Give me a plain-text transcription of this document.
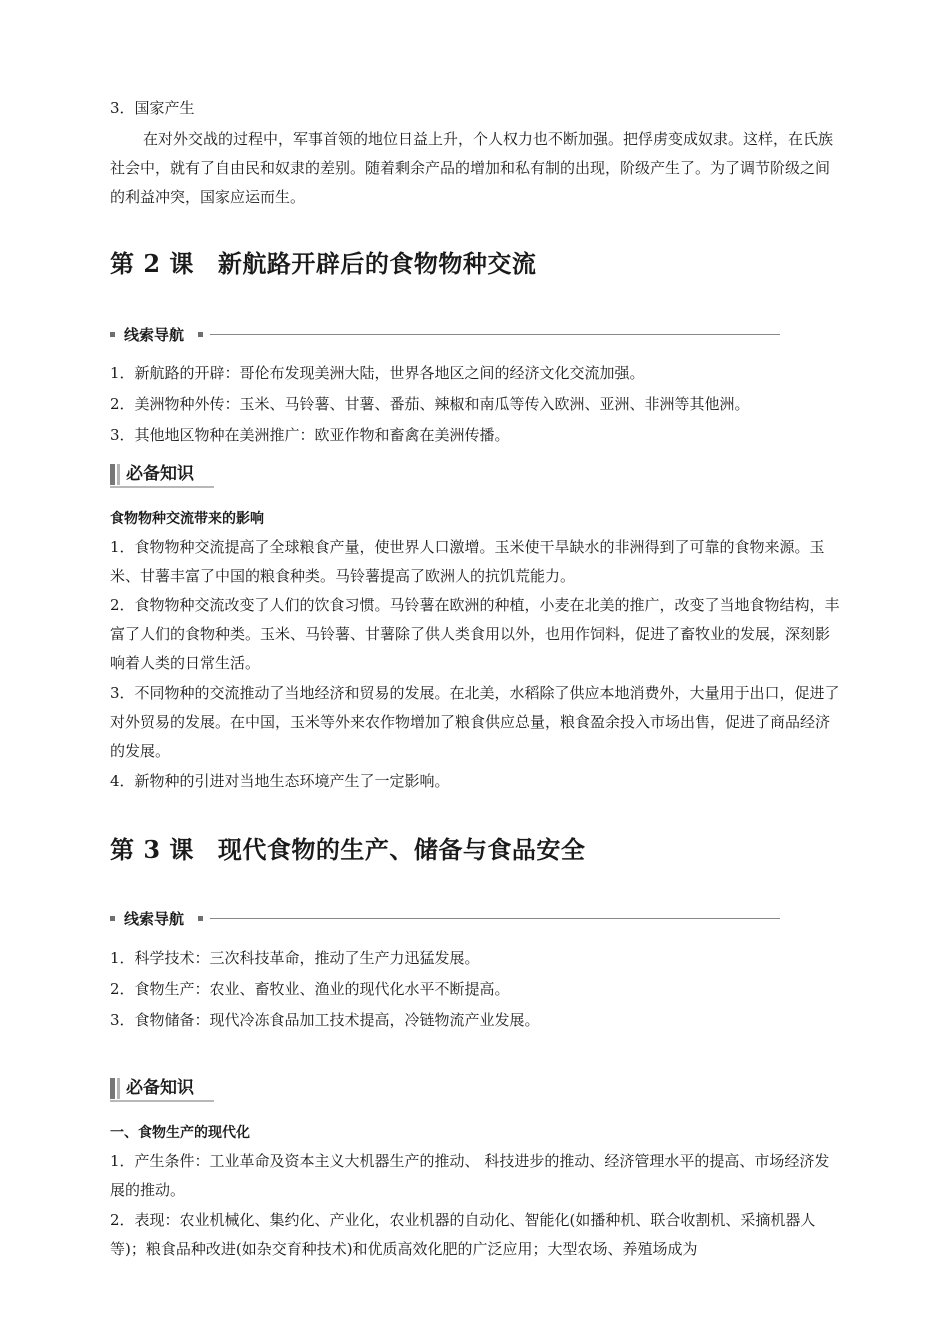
3．国家产生
在对外交战的过程中，军事首领的地位日益上升，个人权力也不断加强。把俘虏变成奴隶。这样，在氏族社会中，就有了自由民和奴隶的差别。随着剩余产品的增加和私有制的出现，阶级产生了。为了调节阶级之间的利益冲突，国家应运而生。
第 2 课 新航路开辟后的食物物种交流
线索导航
1．新航路的开辟：哥伦布发现美洲大陆，世界各地区之间的经济文化交流加强。
2．美洲物种外传：玉米、马铃薯、甘薯、番茄、辣椒和南瓜等传入欧洲、亚洲、非洲等其他洲。
3．其他地区物种在美洲推广：欧亚作物和畜禽在美洲传播。
必备知识
食物物种交流带来的影响
1．食物物种交流提高了全球粮食产量，使世界人口激增。玉米使干旱缺水的非洲得到了可靠的食物来源。玉米、甘薯丰富了中国的粮食种类。马铃薯提高了欧洲人的抗饥荒能力。
2．食物物种交流改变了人们的饮食习惯。马铃薯在欧洲的种植，小麦在北美的推广，改变了当地食物结构，丰富了人们的食物种类。玉米、马铃薯、甘薯除了供人类食用以外，也用作饲料，促进了畜牧业的发展，深刻影响着人类的日常生活。
3．不同物种的交流推动了当地经济和贸易的发展。在北美，水稻除了供应本地消费外，大量用于出口，促进了对外贸易的发展。在中国，玉米等外来农作物增加了粮食供应总量，粮食盈余投入市场出售，促进了商品经济的发展。
4．新物种的引进对当地生态环境产生了一定影响。
第 3 课 现代食物的生产、储备与食品安全
线索导航
1．科学技术：三次科技革命，推动了生产力迅猛发展。
2．食物生产：农业、畜牧业、渔业的现代化水平不断提高。
3．食物储备：现代冷冻食品加工技术提高，冷链物流产业发展。
必备知识
一、食物生产的现代化
1．产生条件：工业革命及资本主义大机器生产的推动、 科技进步的推动、经济管理水平的提高、市场经济发展的推动。
2．表现：农业机械化、集约化、产业化，农业机器的自动化、智能化(如播种机、联合收割机、采摘机器人等)；粮食品种改进(如杂交育种技术)和优质高效化肥的广泛应用；大型农场、养殖场成为
